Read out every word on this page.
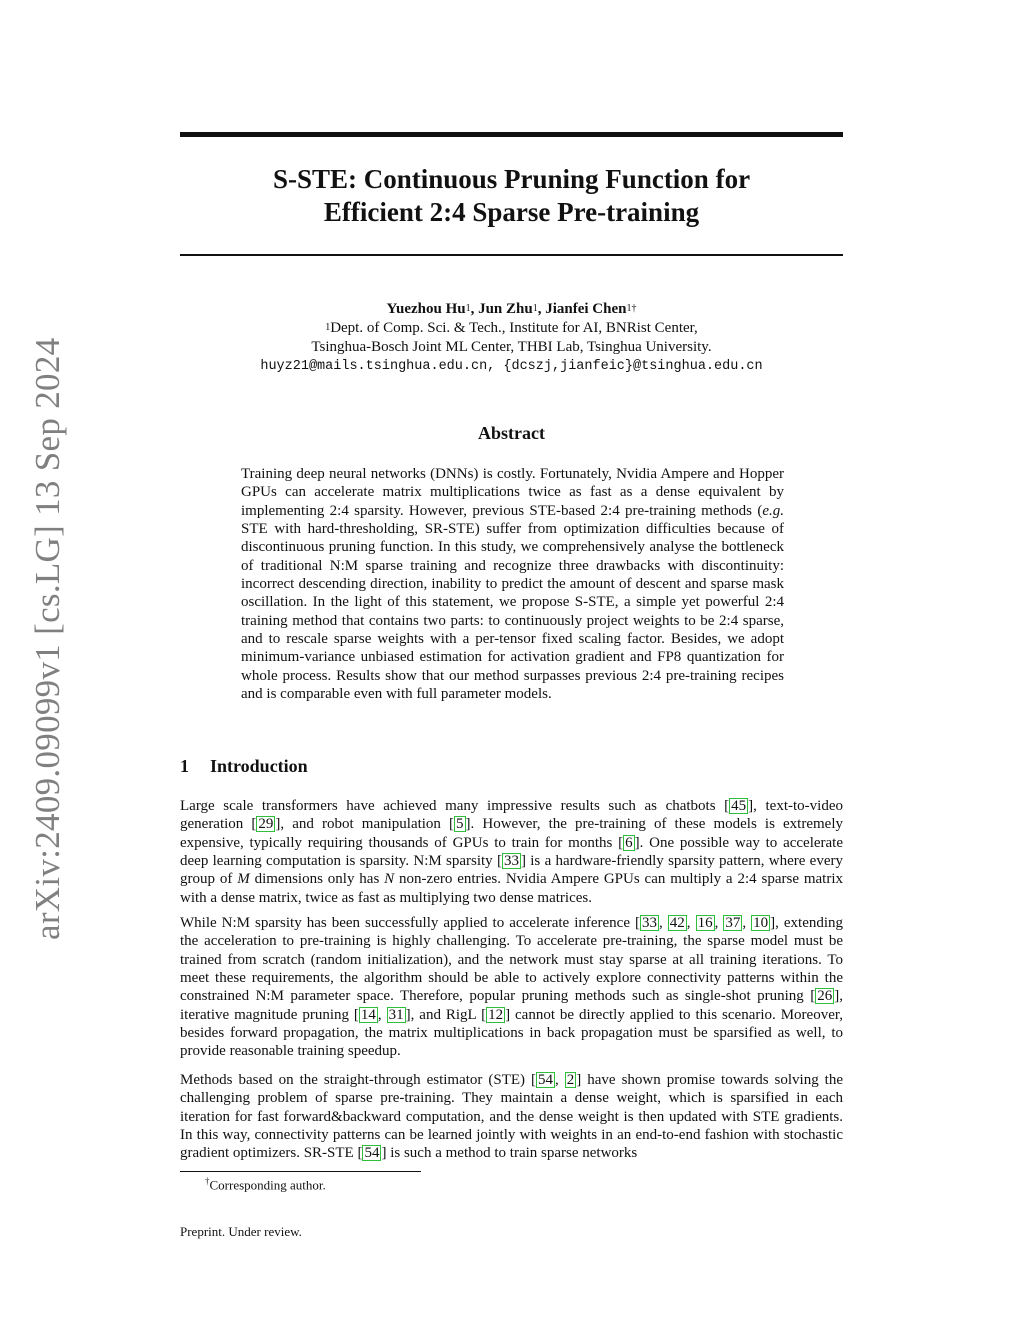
S-STE: Continuous Pruning Function for
Efficient 2:4 Sparse Pre-training
arXiv:2409.09099v1 [cs.LG] 13 Sep 2024
Yuezhou Hu$^1$, Jun Zhu$^1$, Jianfei Chen$^{1\dagger}$
$^1$Dept. of Comp. Sci. & Tech., Institute for AI, BNRist Center,
Tsinghua-Bosch Joint ML Center, THBI Lab, Tsinghua University.
huyz21@mails.tsinghua.edu.cn, {dcszj,jianfeic}@tsinghua.edu.cn
Abstract

Training deep neural networks (DNNs) is costly. Fortunately, Nvidia Ampere and Hopper GPUs can accelerate matrix multiplications twice as fast as a dense equivalent by implementing 2:4 sparsity. However, previous STE-based 2:4 pre-training methods (e.g. STE with hard-thresholding, SR-STE) suffer from optimization difficulties because of discontinuous pruning function. In this study, we comprehensively analyse the bottleneck of traditional N:M sparse training and recognize three drawbacks with discontinuity: incorrect descending direction, inability to predict the amount of descent and sparse mask oscillation. In the light of this statement, we propose S-STE, a simple yet powerful 2:4 training method that contains two parts: to continuously project weights to be 2:4 sparse, and to rescale sparse weights with a per-tensor fixed scaling factor. Besides, we adopt minimum-variance unbiased estimation for activation gradient and FP8 quantization for whole process. Results show that our method surpasses previous 2:4 pre-training recipes and is comparable even with full parameter models.

1 Introduction

Large scale transformers have achieved many impressive results such as chatbots [ 45 ], text-to-video generation [ 29 ], and robot manipulation [ 5 ]. However, the pre-training of these models is extremely expensive, typically requiring thousands of GPUs to train for months [ 6 ]. One possible way to accelerate deep learning computation is sparsity. N:M sparsity [ 33 ] is a hardware-friendly sparsity pattern, where every group of M dimensions only has N non-zero entries. Nvidia Ampere GPUs can multiply a 2:4 sparse matrix with a dense matrix, twice as fast as multiplying two dense matrices.

While N:M sparsity has been successfully applied to accelerate inference [ 33 , 42 , 16 , 37 , 10 ], extending the acceleration to pre-training is highly challenging. To accelerate pre-training, the sparse model must be trained from scratch (random initialization), and the network must stay sparse at all training iterations. To meet these requirements, the algorithm should be able to actively explore connectivity patterns within the constrained N:M parameter space. Therefore, popular pruning methods such as single-shot pruning [ 26 ], iterative magnitude pruning [ 14 , 31 ], and RigL [ 12 ] cannot be directly applied to this scenario. Moreover, besides forward propagation, the matrix multiplications in back propagation must be sparsified as well, to provide reasonable training speedup.

Methods based on the straight-through estimator (STE) [ 54 , 2 ] have shown promise towards solving the challenging problem of sparse pre-training. They maintain a dense weight, which is sparsified in each iteration for fast forward&backward computation, and the dense weight is then updated with STE gradients. In this way, connectivity patterns can be learned jointly with weights in an end-to-end fashion with stochastic gradient optimizers. SR-STE [ 54 ] is such a method to train sparse networks

†Corresponding author.

Preprint. Under review.
